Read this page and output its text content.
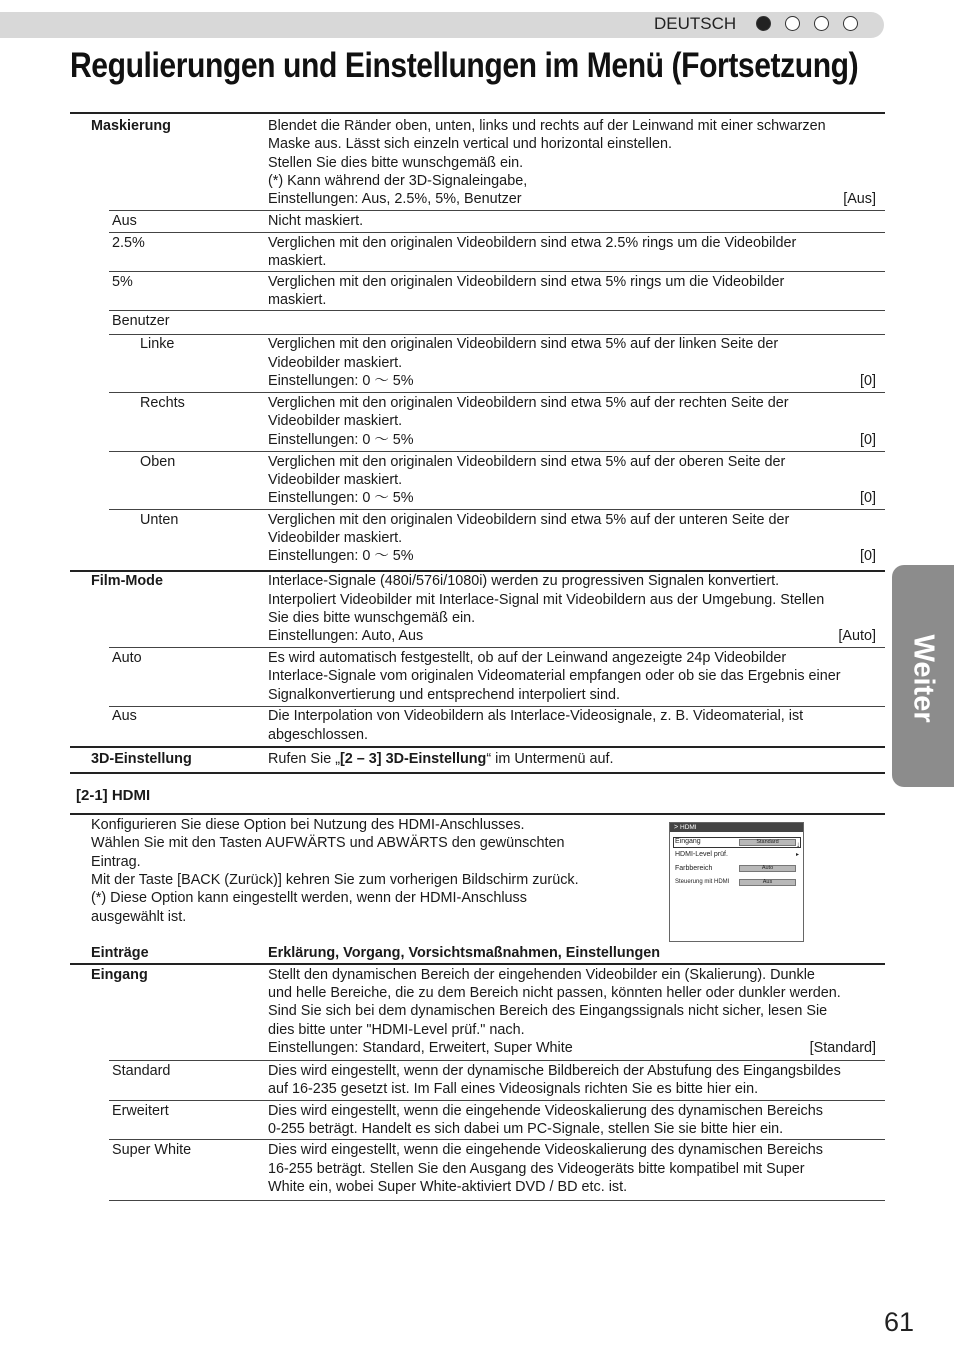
DEUTSCH
Regulierungen und Einstellungen im Menü (Fortsetzung)
Weiter
Maskierung	Blendet die Ränder oben, unten, links und rechts auf der Leinwand mit einer schwarzen
Maske aus. Lässt sich einzeln vertical und horizontal einstellen.
Stellen Sie dies bitte wunschgemäß ein.
(*) Kann während der 3D-Signaleingabe,
Einstellungen: Aus, 2.5%, 5%, Benutzer	[Aus]
Aus	Nicht maskiert.
2.5%	Verglichen mit den originalen Videobildern sind etwa 2.5% rings um die Videobilder
maskiert.
5%	Verglichen mit den originalen Videobildern sind etwa 5% rings um die Videobilder
maskiert.
Benutzer
Linke	Verglichen mit den originalen Videobildern sind etwa 5% auf der linken Seite der
Videobilder maskiert.
Einstellungen: 0 ～ 5%	[0]
Rechts	Verglichen mit den originalen Videobildern sind etwa 5% auf der rechten Seite der
Videobilder maskiert.
Einstellungen: 0 ～ 5%	[0]
Oben	Verglichen mit den originalen Videobildern sind etwa 5% auf der oberen Seite der
Videobilder maskiert.
Einstellungen: 0 ～ 5%	[0]
Unten	Verglichen mit den originalen Videobildern sind etwa 5% auf der unteren Seite der
Videobilder maskiert.
Einstellungen: 0 ～ 5%	[0]
Film-Mode	Interlace-Signale (480i/576i/1080i) werden zu progressiven Signalen konvertiert.
Interpoliert Videobilder mit Interlace-Signal mit Videobildern aus der Umgebung. Stellen
Sie dies bitte wunschgemäß ein.
Einstellungen: Auto, Aus	[Auto]
Auto	Es wird automatisch festgestellt, ob auf der Leinwand angezeigte 24p Videobilder
Interlace-Signale vom originalen Videomaterial empfangen oder ob sie das Ergebnis einer
Signalkonvertierung und entsprechend interpoliert sind.
Aus	Die Interpolation von Videobildern als Interlace-Videosignale, z. B. Videomaterial, ist
abgeschlossen.
3D-Einstellung	Rufen Sie „[2 – 3] 3D-Einstellung“ im Untermenü auf.
[2-1] HDMI
Konfigurieren Sie diese Option bei Nutzung des HDMI-Anschlusses.
Wählen Sie mit den Tasten AUFWÄRTS und ABWÄRTS den gewünschten
Eintrag.
Mit der Taste [BACK (Zurück)] kehren Sie zum vorherigen Bildschirm zurück.
(*) Diese Option kann eingestellt werden, wenn der HDMI-Anschluss
ausgewählt ist.
> HDMI
Eingang	Standard	↓
HDMI-Level prüf.	▸
Farbbereich	Auto
Steuerung mit HDMI	Aus
Einträge	Erklärung, Vorgang, Vorsichtsmaßnahmen, Einstellungen
Eingang	Stellt den dynamischen Bereich der eingehenden Videobilder ein (Skalierung). Dunkle
und helle Bereiche, die zu dem Bereich nicht passen, könnten heller oder dunkler werden.
Sind Sie sich bei dem dynamischen Bereich des Eingangssignals nicht sicher, lesen Sie
dies bitte unter "HDMI-Level prüf." nach.
Einstellungen: Standard, Erweitert, Super White	[Standard]
Standard	Dies wird eingestellt, wenn der dynamische Bildbereich der Abstufung des Eingangsbildes
auf 16-235 gesetzt ist. Im Fall eines Videosignals richten Sie es bitte hier ein.
Erweitert	Dies wird eingestellt, wenn die eingehende Videoskalierung des dynamischen Bereichs
0-255 beträgt. Handelt es sich dabei um PC-Signale, stellen Sie sie bitte hier ein.
Super White	Dies wird eingestellt, wenn die eingehende Videoskalierung des dynamischen Bereichs
16-255 beträgt. Stellen Sie den Ausgang des Videogeräts bitte kompatibel mit Super
White ein, wobei Super White-aktiviert DVD / BD etc. ist.
61
